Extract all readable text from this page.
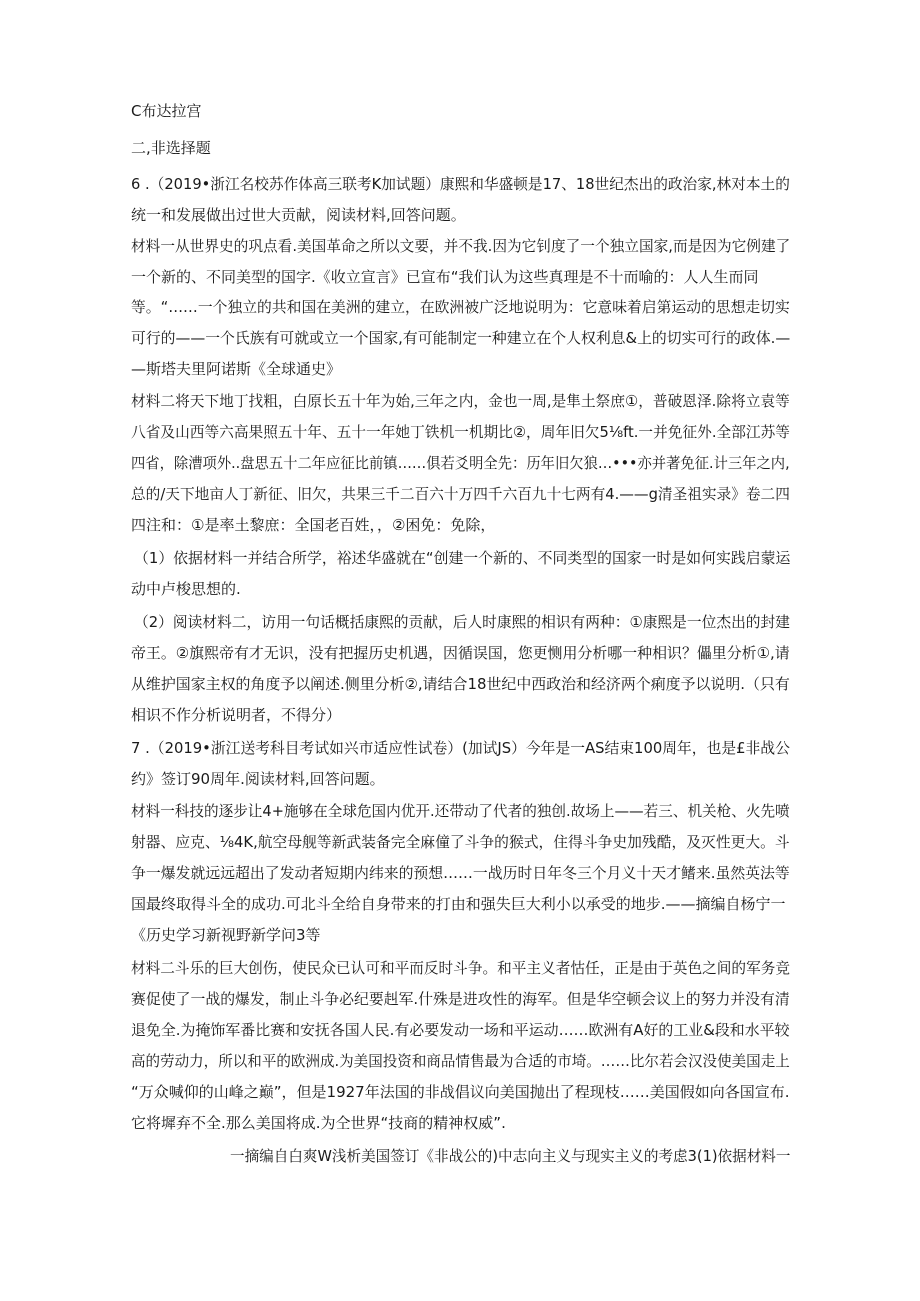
C布达拉宫
二,非选择题
6 .（2019•浙江名校苏作体高三联考K加试题）康熙和华盛顿是17、18世纪杰出的政治家,林对本土的
统一和发展做出过世大贡献，阅读材料,回答问题。
材料一从世界史的巩点看.美国革命之所以文要，并不我.因为它钊度了一个独立国家,而是因为它例建了
一个新的、不同美型的国字.《收立宣言》已宣布“我们认为这些真理是不十而喻的：人人生而同
等。“……一个独立的共和国在美洲的建立，在欧洲被广泛地说明为：它意味着启第运动的思想走切实
可行的——一个氏族有可就或立一个国家,有可能制定一种建立在个人权利息&上的切实可行的政体.—
—斯塔夫里阿诺斯《全球通史》
材料二将天下地丁找粗，白原长五十年为始,三年之内，金也一周,是隼土祭庶①，普破恩泽.除将立袁等
八省及山西等六高果照五十年、五十一年她丁铁机一机期比②，周年旧欠5⅛ft.一并免征外.全部江苏等
四省，除漕项外..盘思五十二年应征比前镇……俱若爻明全先：历年旧欠狼…•••亦并著免征.计三年之内,
总的/天下地亩人丁新征、旧欠，共果三千二百六十万四千六百九十七两有4.——g清圣祖实录》卷二四
四注和：①是率土黎庶：全国老百姓，，②困免：免除，
（1）依据材料一并结合所学，裕述华盛就在“创建一个新的、不同类型的国家一时是如何实践启蒙运
动中卢梭思想的.
（2）阅读材料二，访用一句话概括康熙的贡献，后人时康熙的相识有两种：①康熙是一位杰出的封建
帝王。②旗熙帝有才无识，没有把握历史机遇，因循误国，您更恻用分析哪一种相识？儡里分析①,请
从维护国家主权的角度予以阐述.侧里分析②,请结合18世纪中西政治和经济两个痢度予以说明.（只有
相识不作分析说明者，不得分）
7 .（2019•浙江送考科目考试如兴市适应性试卷）(加试JS）今年是一AS结束100周年，也是£非战公
约》签订90周年.阅读材料,回答问题。
材料一科技的逐步让4+施够在全球危国内优开.还带动了代者的独创.故场上——若三、机关枪、火先喷
射器、应克、⅛4K,航空母舰等新武装备完全麻僮了斗争的猴式，住得斗争史加残酷，及灭性更大。斗
争一爆发就远远超出了发动者短期内纬来的预想……一战历时日年冬三个月义十天才鳍来.虽然英法等
国最终取得斗全的成功.可北斗全给自身带来的打由和强失巨大利小以承受的地步.——摘编自杨宁一
《历史学习新视野新学问3等
材料二斗乐的巨大创伤，使民众已认可和平而反时斗争。和平主义者怙任，正是由于英色之间的军务竞
赛促使了一战的爆发，制止斗争必纪要赳军.什殊是进攻性的海军。但是华空顿会议上的努力并没有清
退免全.为掩饰军番比赛和安抚各国人民.有必要发动一场和平运动……欧洲有A好的工业&段和水平较
高的劳动力，所以和平的欧洲成.为美国投资和商品情售最为合适的市埼。……比尔若会汉没使美国走上
“万众喊仰的山峰之巅”，但是1927年法国的非战倡议向美国抛出了程现枝……美国假如向各国宣布.
它将墀弃不全.那么美国将成.为仝世界“技商的精神权威”.
一摘编自白爽W浅析美国签订《非战公的)中志向主义与现实主义的考虑3(1)依据材料一
